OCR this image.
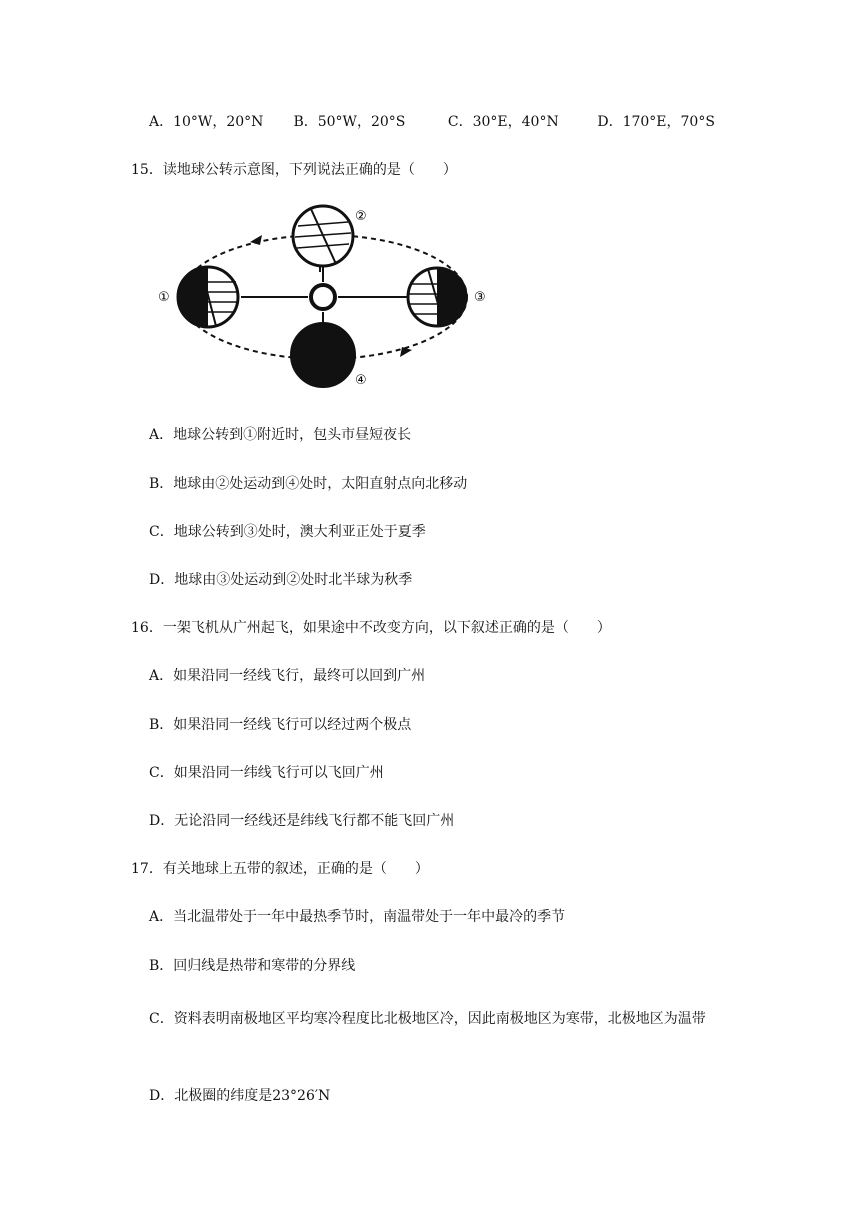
A．10°W，20°N B．50°W，20°S	C．30°E，40°N	D．170°E，70°S
15．读地球公转示意图，下列说法正确的是（　　）
①
②
③
④
A．地球公转到①附近时，包头市昼短夜长
B．地球由②处运动到④处时，太阳直射点向北移动
C．地球公转到③处时，澳大利亚正处于夏季
D．地球由③处运动到②处时北半球为秋季
16．一架飞机从广州起飞，如果途中不改变方向，以下叙述正确的是（　　）
A．如果沿同一经线飞行，最终可以回到广州
B．如果沿同一经线飞行可以经过两个极点
C．如果沿同一纬线飞行可以飞回广州
D．无论沿同一经线还是纬线飞行都不能飞回广州
17．有关地球上五带的叙述，正确的是（　　）
A．当北温带处于一年中最热季节时，南温带处于一年中最冷的季节
B．回归线是热带和寒带的分界线
C．资料表明南极地区平均寒冷程度比北极地区冷，因此南极地区为寒带，北极地区为温带
D．北极圈的纬度是23°26′N
